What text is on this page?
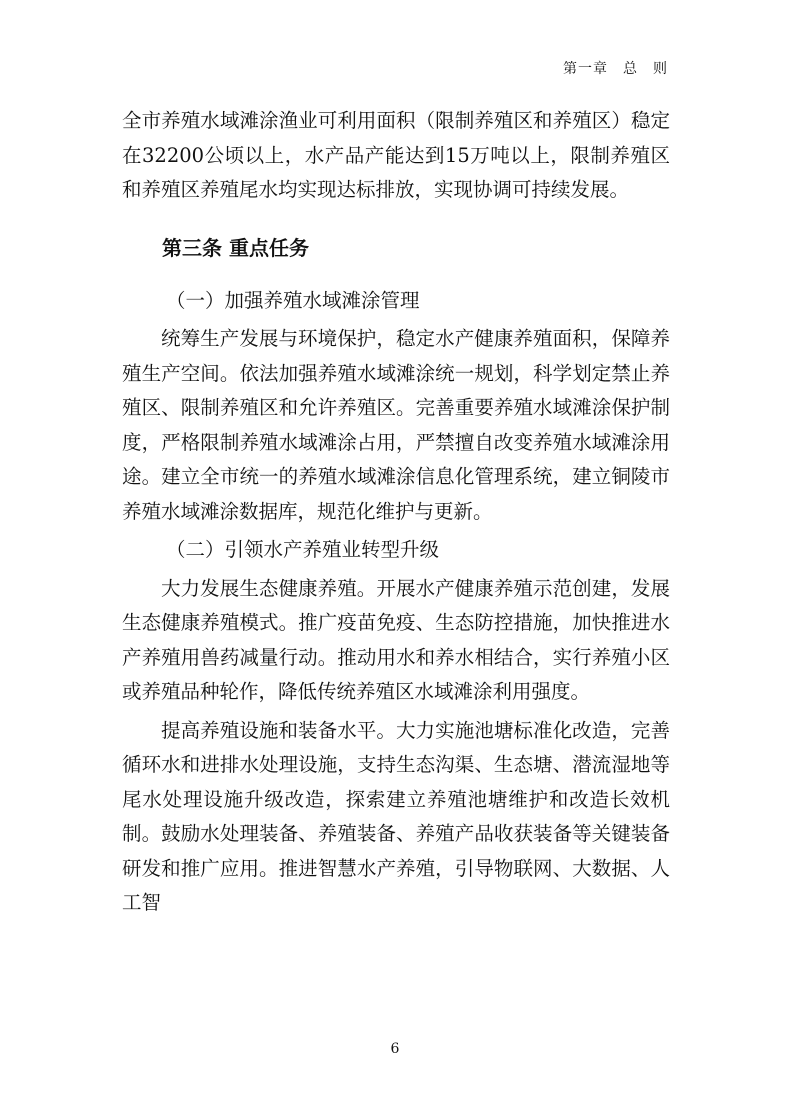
第一章　总　则

全市养殖水域滩涂渔业可利用面积（限制养殖区和养殖区）稳定在32200公顷以上，水产品产能达到15万吨以上，限制养殖区和养殖区养殖尾水均实现达标排放，实现协调可持续发展。

第三条 重点任务

（一）加强养殖水域滩涂管理

统筹生产发展与环境保护，稳定水产健康养殖面积，保障养殖生产空间。依法加强养殖水域滩涂统一规划，科学划定禁止养殖区、限制养殖区和允许养殖区。完善重要养殖水域滩涂保护制度，严格限制养殖水域滩涂占用，严禁擅自改变养殖水域滩涂用途。建立全市统一的养殖水域滩涂信息化管理系统，建立铜陵市养殖水域滩涂数据库，规范化维护与更新。

（二）引领水产养殖业转型升级

大力发展生态健康养殖。开展水产健康养殖示范创建，发展生态健康养殖模式。推广疫苗免疫、生态防控措施，加快推进水产养殖用兽药减量行动。推动用水和养水相结合，实行养殖小区或养殖品种轮作，降低传统养殖区水域滩涂利用强度。

提高养殖设施和装备水平。大力实施池塘标准化改造，完善循环水和进排水处理设施，支持生态沟渠、生态塘、潜流湿地等尾水处理设施升级改造，探索建立养殖池塘维护和改造长效机制。鼓励水处理装备、养殖装备、养殖产品收获装备等关键装备研发和推广应用。推进智慧水产养殖，引导物联网、大数据、人工智

6
